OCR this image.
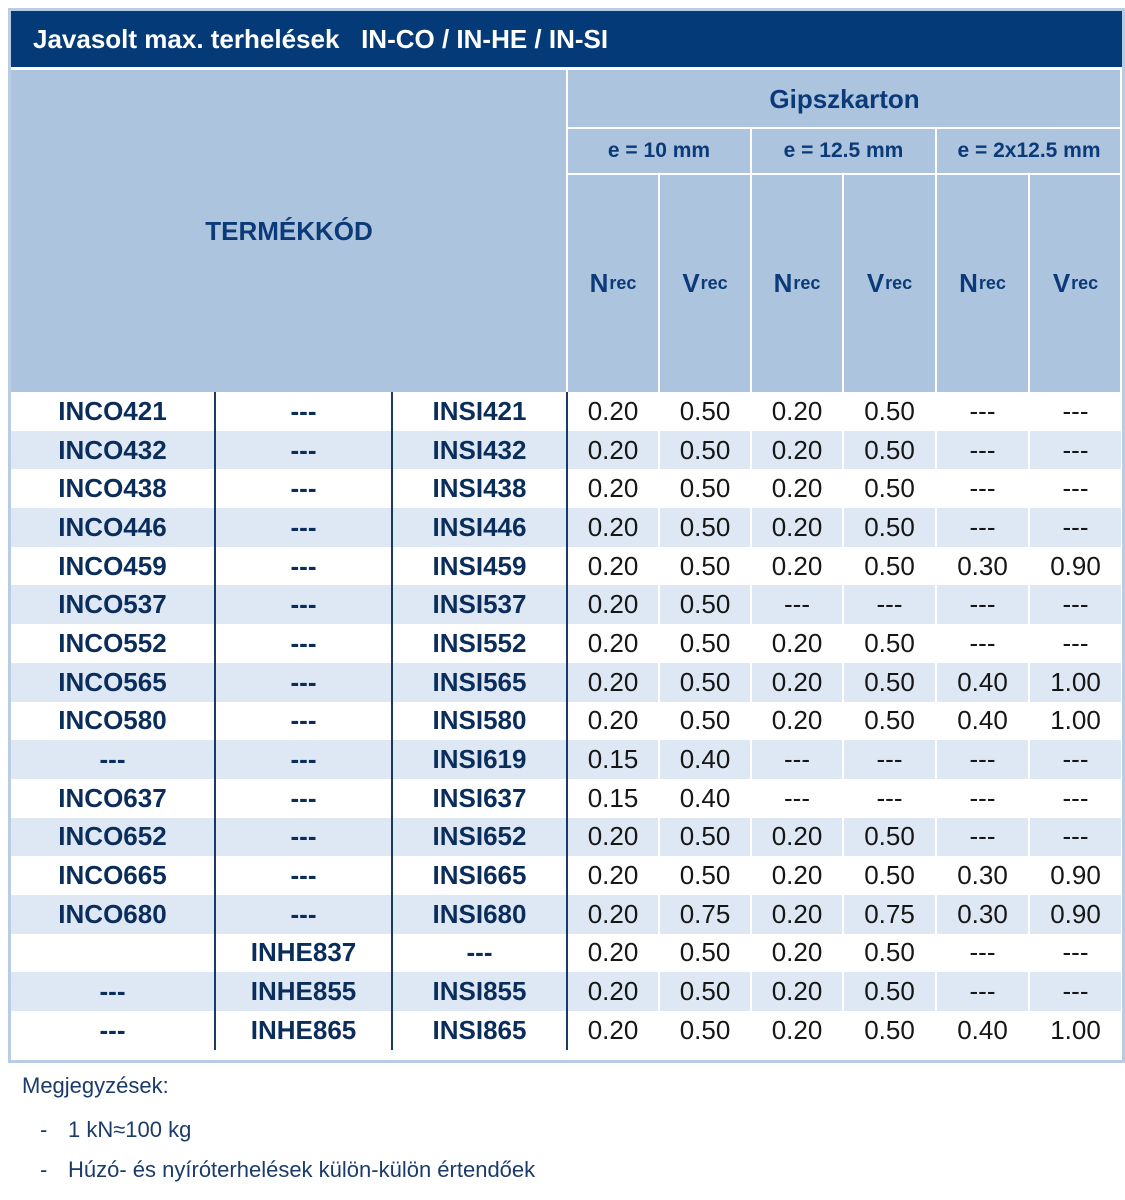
Javasolt max. terhelések   IN-CO / IN-HE / IN-SI
TERMÉKKÓD
Gipszkarton
e = 10 mm	e = 12.5 mm	e = 2x12.5 mm
N rec V rec N rec V rec N rec V rec
INCO421	---	INSI421	0.20	0.50	0.20	0.50	---	---
INCO432	---	INSI432	0.20	0.50	0.20	0.50	---	---
INCO438	---	INSI438	0.20	0.50	0.20	0.50	---	---
INCO446	---	INSI446	0.20	0.50	0.20	0.50	---	---
INCO459	---	INSI459	0.20	0.50	0.20	0.50	0.30	0.90
INCO537	---	INSI537	0.20	0.50	---	---	---	---
INCO552	---	INSI552	0.20	0.50	0.20	0.50	---	---
INCO565	---	INSI565	0.20	0.50	0.20	0.50	0.40	1.00
INCO580	---	INSI580	0.20	0.50	0.20	0.50	0.40	1.00
---	---	INSI619	0.15	0.40	---	---	---	---
INCO637	---	INSI637	0.15	0.40	---	---	---	---
INCO652	---	INSI652	0.20	0.50	0.20	0.50	---	---
INCO665	---	INSI665	0.20	0.50	0.20	0.50	0.30	0.90
INCO680	---	INSI680	0.20	0.75	0.20	0.75	0.30	0.90
	INHE837	---	0.20	0.50	0.20	0.50	---	---
---	INHE855	INSI855	0.20	0.50	0.20	0.50	---	---
---	INHE865	INSI865	0.20	0.50	0.20	0.50	0.40	1.00
Megjegyzések:
- 1 kN≈100 kg
- Húzó- és nyíróterhelések külön-külön értendőek
